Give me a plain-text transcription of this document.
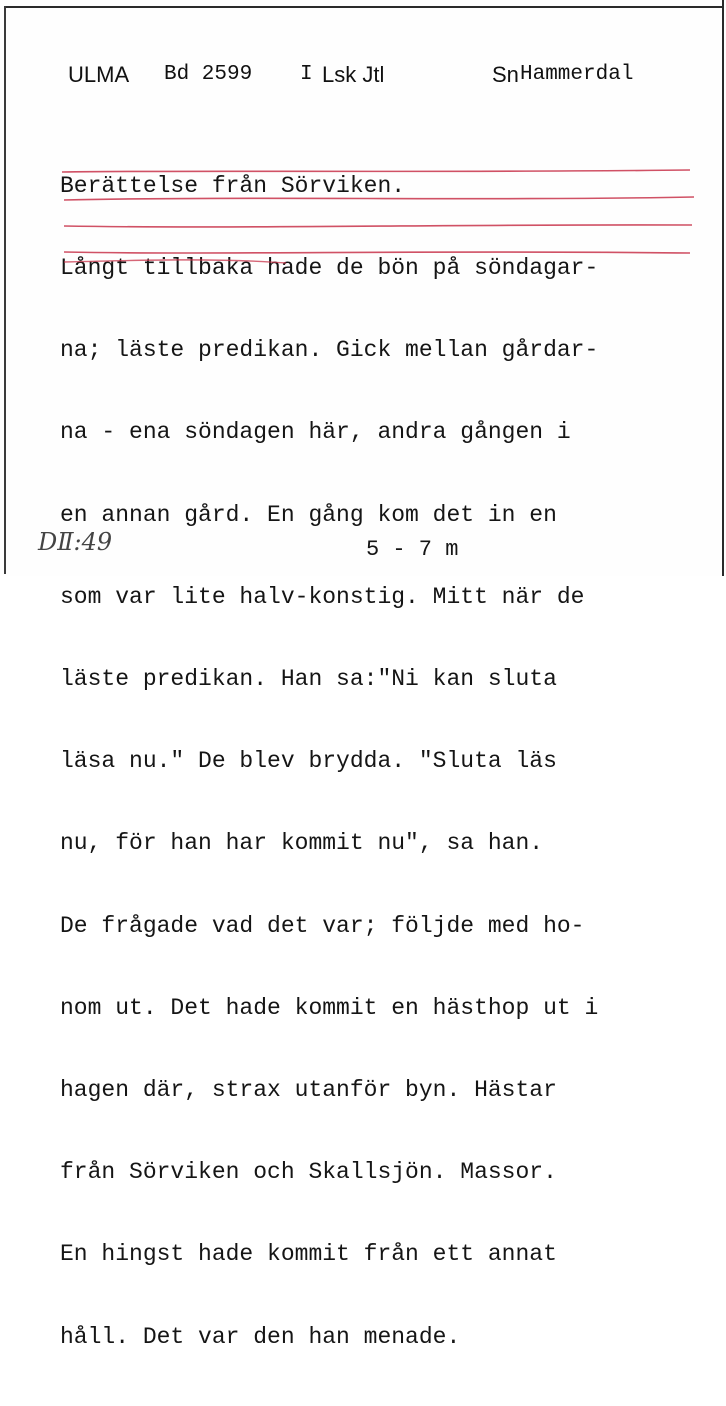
ULMA Bd 2599 I Lsk Jtl	Sn Hammerdal

Berättelse från Sörviken.

Långt tillbaka hade de bön på söndagar-

na; läste predikan. Gick mellan gårdar-

na - ena söndagen här, andra gången i

en annan gård. En gång kom det in en

som var lite halv-konstig. Mitt när de

läste predikan. Han sa:"Ni kan sluta

läsa nu." De blev brydda. "Sluta läs

nu, för han har kommit nu", sa han.

De frågade vad det var; följde med ho-

nom ut. Det hade kommit en hästhop ut i

hagen där, strax utanför byn. Hästar

från Sörviken och Skallsjön. Massor.

En hingst hade kommit från ett annat

håll. Det var den han menade.

DⅡ:49	5 - 7 m
